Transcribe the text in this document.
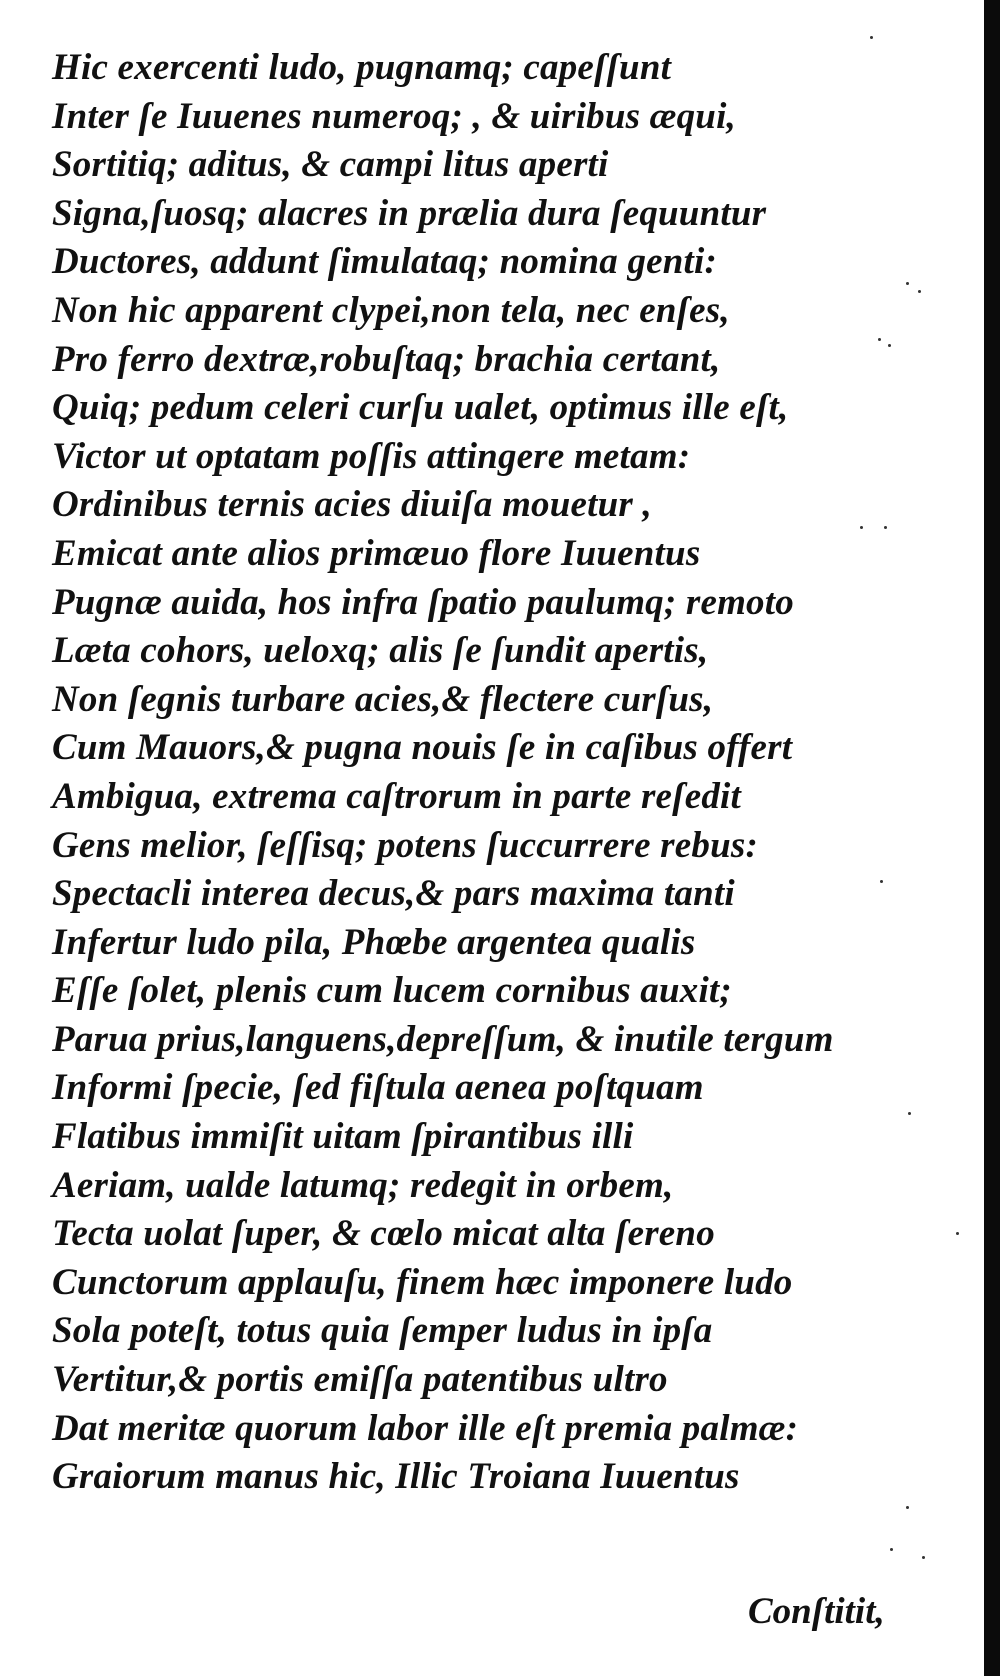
Hic exercenti ludo, pugnamq; capeſſunt
Inter ſe Iuuenes numeroq; , & uiribus æqui,
Sortitiq; aditus, & campi litus aperti
Signa,ſuosq; alacres in prælia dura ſequuntur
Ductores, addunt ſimulataq; nomina genti:
Non hic apparent clypei,non tela, nec enſes,
Pro ferro dextræ,robuſtaq; brachia certant,
Quiq; pedum celeri curſu ualet, optimus ille eſt,
Victor ut optatam poſſis attingere metam:
Ordinibus ternis acies diuiſa mouetur ,
Emicat ante alios primæuo flore Iuuentus
Pugnæ auida, hos infra ſpatio paulumq; remoto
Læta cohors, ueloxq; alis ſe ſundit apertis,
Non ſegnis turbare acies,& flectere curſus,
Cum Mauors,& pugna nouis ſe in caſibus offert
Ambigua, extrema caſtrorum in parte reſedit
Gens melior, ſeſſisq; potens ſuccurrere rebus:
Spectacli interea decus,& pars maxima tanti
Infertur ludo pila, Phœbe argentea qualis
Eſſe ſolet, plenis cum lucem cornibus auxit;
Parua prius,languens,depreſſum, & inutile tergum
Informi ſpecie, ſed fiſtula aenea poſtquam
Flatibus immiſit uitam ſpirantibus illi
Aeriam, ualde latumq; redegit in orbem,
Tecta uolat ſuper, & cœlo micat alta ſereno
Cunctorum applauſu, finem hæc imponere ludo
Sola poteſt, totus quia ſemper ludus in ipſa
Vertitur,& portis emiſſa patentibus ultro
Dat meritæ quorum labor ille eſt premia palmæ:
Graiorum manus hic, Illic Troiana Iuuentus
Conſtitit,
